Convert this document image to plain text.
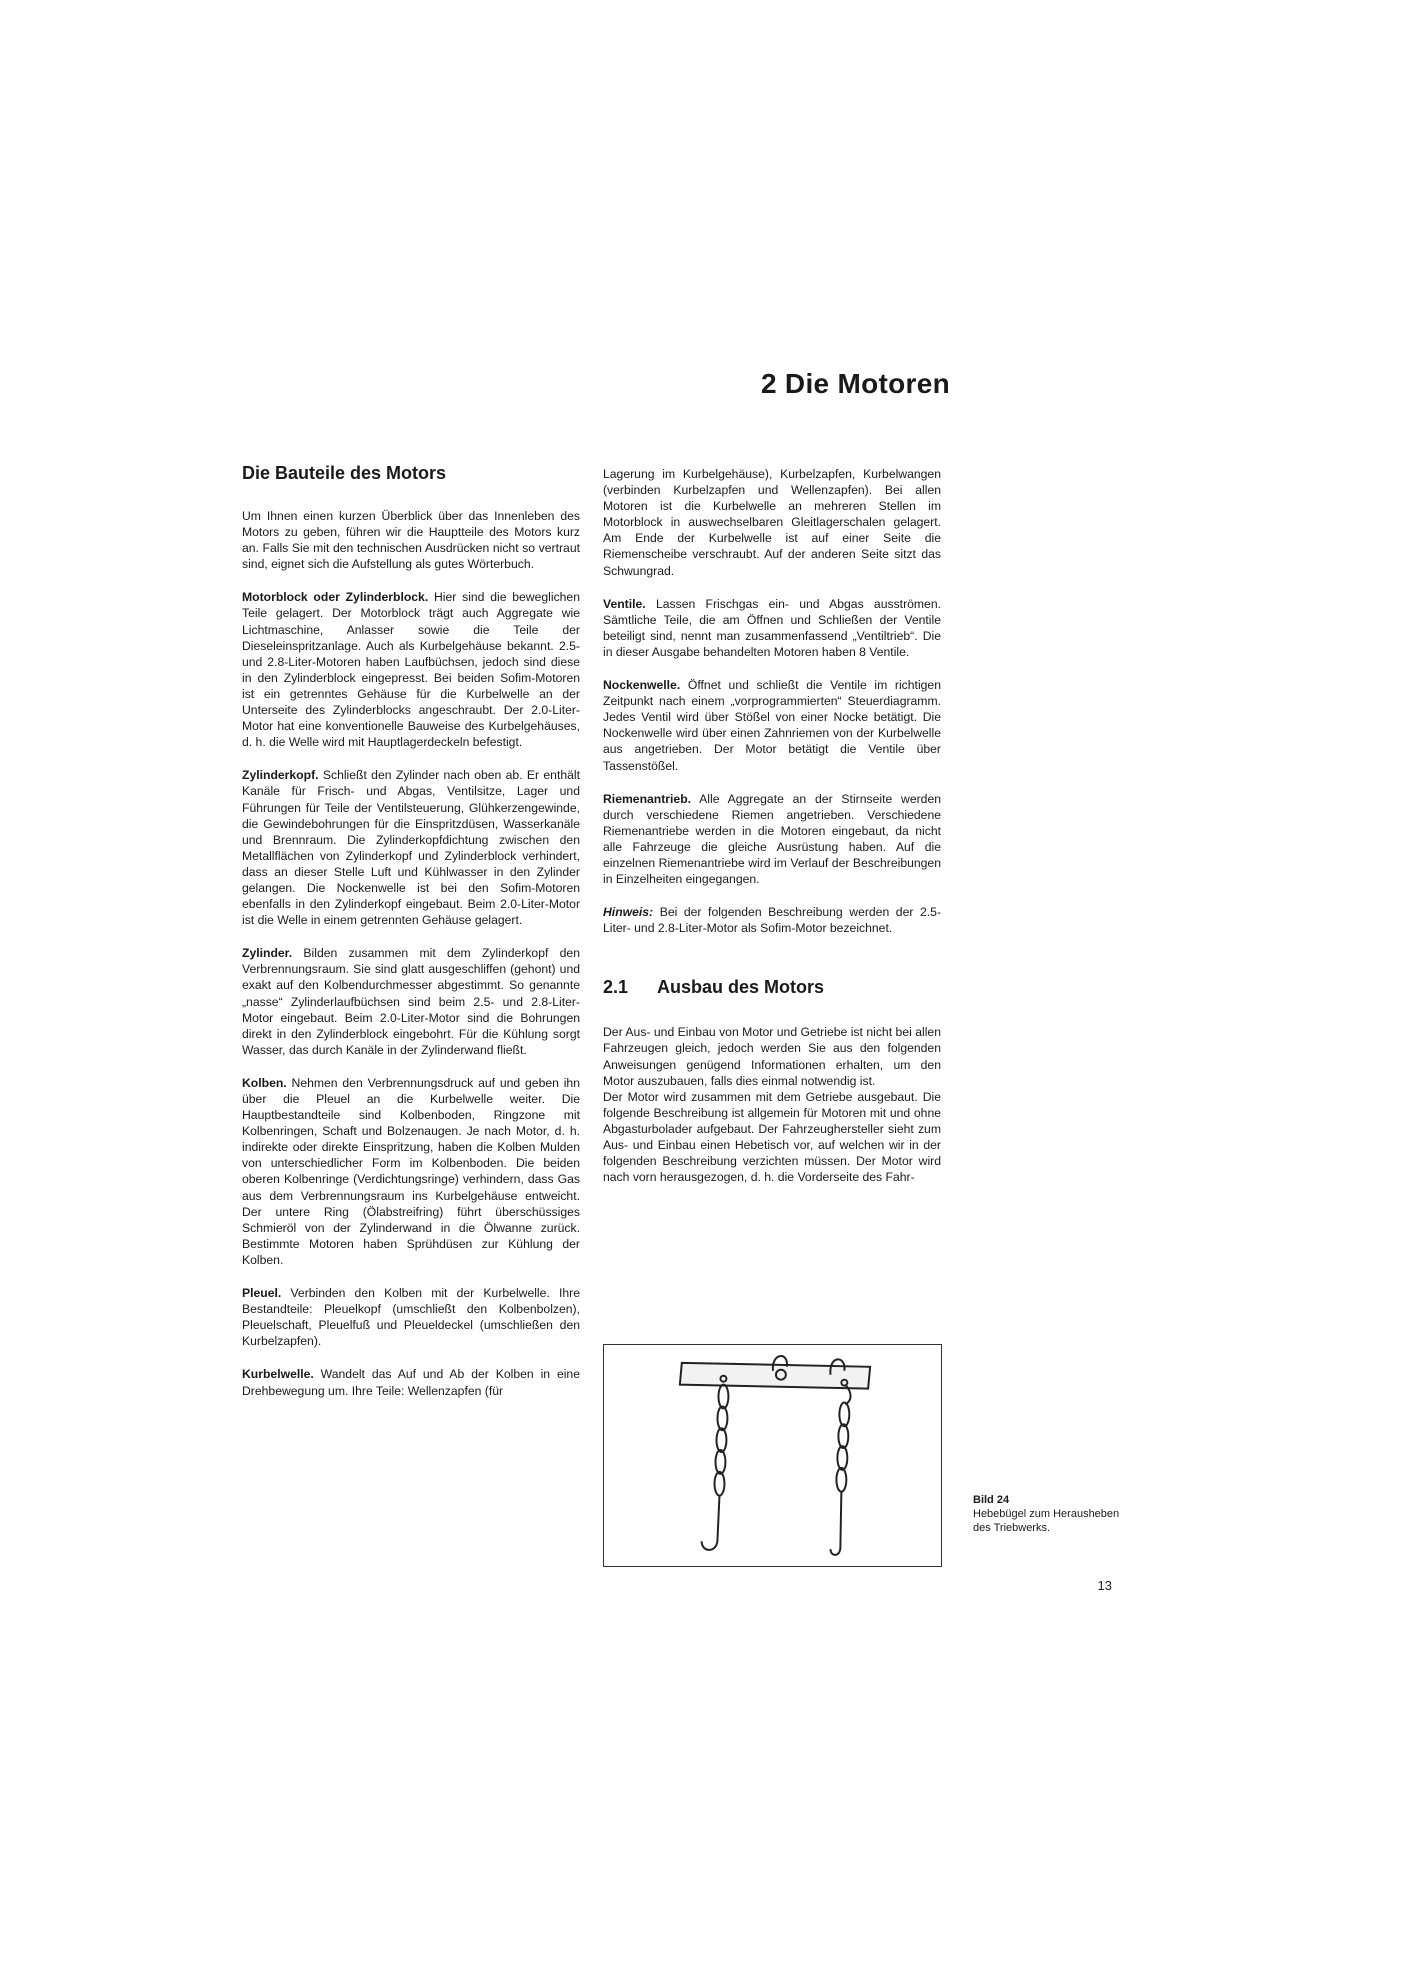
2 Die Motoren
Die Bauteile des Motors

Um Ihnen einen kurzen Überblick über das Innenleben des Motors zu geben, führen wir die Hauptteile des Motors kurz an. Falls Sie mit den technischen Ausdrücken nicht so vertraut sind, eignet sich die Aufstellung als gutes Wörterbuch.

Motorblock oder Zylinderblock. Hier sind die beweglichen Teile gelagert. Der Motorblock trägt auch Aggregate wie Lichtmaschine, Anlasser sowie die Teile der Dieseleinspritzanlage. Auch als Kurbelgehäuse bekannt. 2.5- und 2.8-Liter-Motoren haben Laufbüchsen, jedoch sind diese in den Zylinderblock eingepresst. Bei beiden Sofim-Motoren ist ein getrenntes Gehäuse für die Kurbelwelle an der Unterseite des Zylinderblocks angeschraubt. Der 2.0-Liter-Motor hat eine konventionelle Bauweise des Kurbelgehäuses, d. h. die Welle wird mit Hauptlagerdeckeln befestigt.

Zylinderkopf. Schließt den Zylinder nach oben ab. Er enthält Kanäle für Frisch- und Abgas, Ventilsitze, Lager und Führungen für Teile der Ventilsteuerung, Glühkerzengewinde, die Gewindebohrungen für die Einspritzdüsen, Wasserkanäle und Brennraum. Die Zylinderkopfdichtung zwischen den Metallflächen von Zylinderkopf und Zylinderblock verhindert, dass an dieser Stelle Luft und Kühlwasser in den Zylinder gelangen. Die Nockenwelle ist bei den Sofim-Motoren ebenfalls in den Zylinderkopf eingebaut. Beim 2.0-Liter-Motor ist die Welle in einem getrennten Gehäuse gelagert.

Zylinder. Bilden zusammen mit dem Zylinderkopf den Verbrennungsraum. Sie sind glatt ausgeschliffen (gehont) und exakt auf den Kolbendurchmesser abgestimmt. So genannte „nasse“ Zylinderlaufbüchsen sind beim 2.5- und 2.8-Liter-Motor eingebaut. Beim 2.0-Liter-Motor sind die Bohrungen direkt in den Zylinderblock eingebohrt. Für die Kühlung sorgt Wasser, das durch Kanäle in der Zylinderwand fließt.

Kolben. Nehmen den Verbrennungsdruck auf und geben ihn über die Pleuel an die Kurbelwelle weiter. Die Hauptbestandteile sind Kolbenboden, Ringzone mit Kolbenringen, Schaft und Bolzenaugen. Je nach Motor, d. h. indirekte oder direkte Einspritzung, haben die Kolben Mulden von unterschiedlicher Form im Kolbenboden. Die beiden oberen Kolbenringe (Verdichtungsringe) verhindern, dass Gas aus dem Verbrennungsraum ins Kurbelgehäuse entweicht. Der untere Ring (Ölabstreifring) führt überschüssiges Schmieröl von der Zylinderwand in die Ölwanne zurück. Bestimmte Motoren haben Sprühdüsen zur Kühlung der Kolben.

Pleuel. Verbinden den Kolben mit der Kurbelwelle. Ihre Bestandteile: Pleuelkopf (umschließt den Kolbenbolzen), Pleuelschaft, Pleuelfuß und Pleueldeckel (umschließen den Kurbelzapfen).

Kurbelwelle. Wandelt das Auf und Ab der Kolben in eine Drehbewegung um. Ihre Teile: Wellenzapfen (für

Lagerung im Kurbelgehäuse), Kurbelzapfen, Kurbelwangen (verbinden Kurbelzapfen und Wellenzapfen). Bei allen Motoren ist die Kurbelwelle an mehreren Stellen im Motorblock in auswechselbaren Gleitlagerschalen gelagert. Am Ende der Kurbelwelle ist auf einer Seite die Riemenscheibe verschraubt. Auf der anderen Seite sitzt das Schwungrad.

Ventile. Lassen Frischgas ein- und Abgas ausströmen. Sämtliche Teile, die am Öffnen und Schließen der Ventile beteiligt sind, nennt man zusammenfassend „Ventiltrieb“. Die in dieser Ausgabe behandelten Motoren haben 8 Ventile.

Nockenwelle. Öffnet und schließt die Ventile im richtigen Zeitpunkt nach einem „vorprogrammierten“ Steuerdiagramm. Jedes Ventil wird über Stößel von einer Nocke betätigt. Die Nockenwelle wird über einen Zahnriemen von der Kurbelwelle aus angetrieben. Der Motor betätigt die Ventile über Tassenstößel.

Riemenantrieb. Alle Aggregate an der Stirnseite werden durch verschiedene Riemen angetrieben. Verschiedene Riemenantriebe werden in die Motoren eingebaut, da nicht alle Fahrzeuge die gleiche Ausrüstung haben. Auf die einzelnen Riemenantriebe wird im Verlauf der Beschreibungen in Einzelheiten eingegangen.

Hinweis: Bei der folgenden Beschreibung werden der 2.5-Liter- und 2.8-Liter-Motor als Sofim-Motor bezeichnet.

2.1	Ausbau des Motors

Der Aus- und Einbau von Motor und Getriebe ist nicht bei allen Fahrzeugen gleich, jedoch werden Sie aus den folgenden Anweisungen genügend Informationen erhalten, um den Motor auszubauen, falls dies einmal notwendig ist.

Der Motor wird zusammen mit dem Getriebe ausgebaut. Die folgende Beschreibung ist allgemein für Motoren mit und ohne Abgasturbolader aufgebaut. Der Fahrzeughersteller sieht zum Aus- und Einbau einen Hebetisch vor, auf welchen wir in der folgenden Beschreibung verzichten müssen. Der Motor wird nach vorn herausgezogen, d. h. die Vorderseite des Fahr-

Bild 24
Hebebügel zum Herausheben des Triebwerks.
13
